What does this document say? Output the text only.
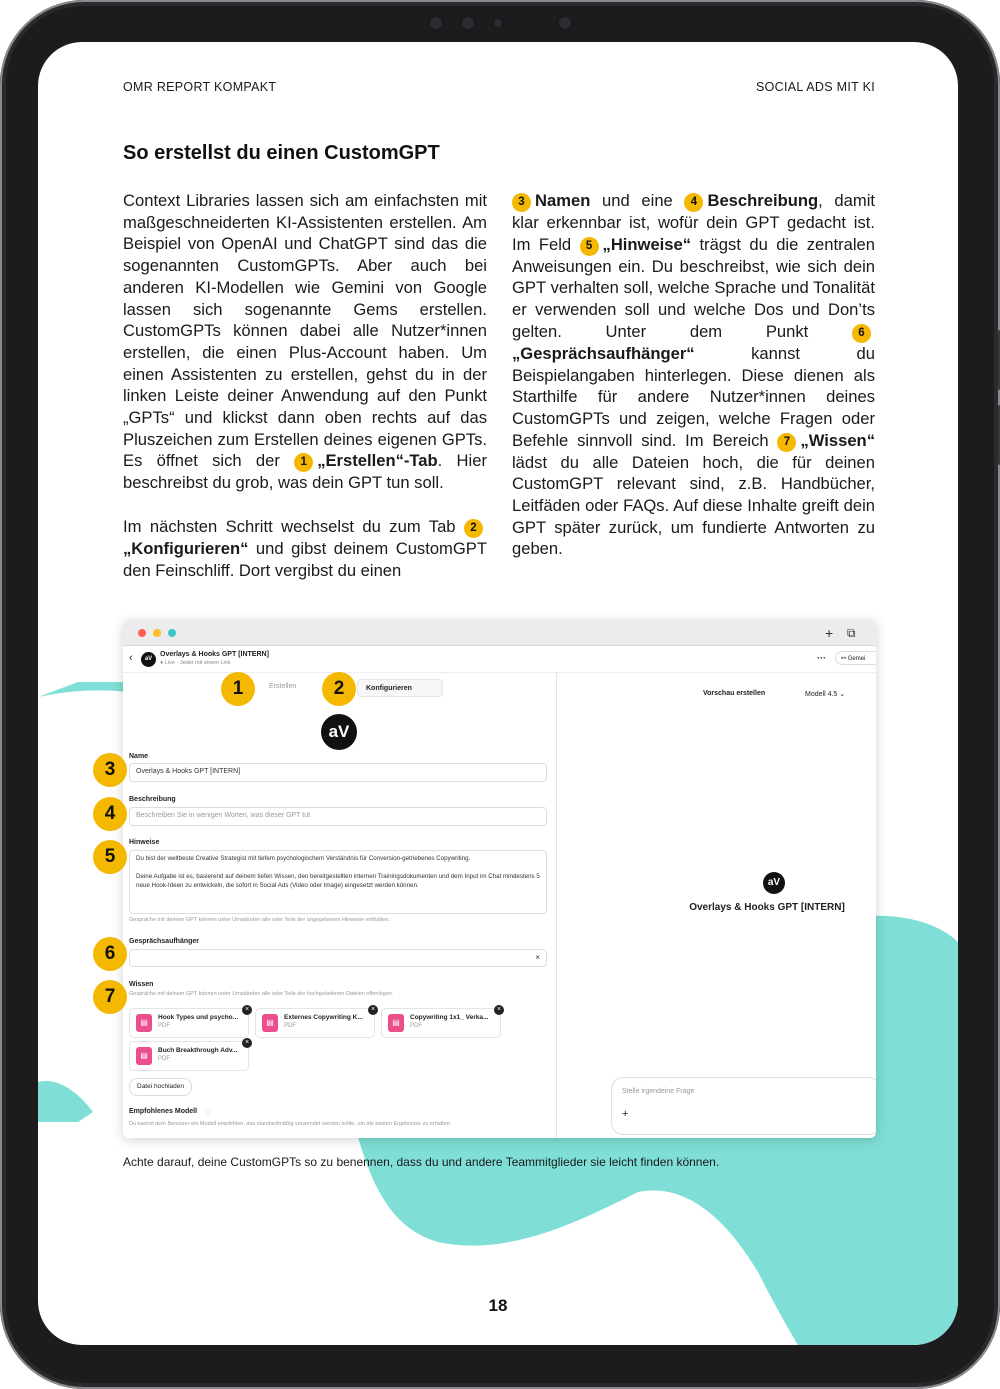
OMR REPORT KOMPAKT	SOCIAL ADS MIT KI
So erstellst du einen CustomGPT

Context Libraries lassen sich am einfachsten mit maßgeschneiderten KI-Assistenten erstellen. Am Beispiel von OpenAI und ChatGPT sind das die sogenannten CustomGPTs. Aber auch bei anderen KI-Modellen wie Gemini von Google lassen sich sogenannte Gems erstellen. CustomGPTs können dabei alle Nutzer*innen erstellen, die einen Plus-Account haben. Um einen Assistenten zu erstellen, gehst du in der linken Leiste deiner Anwendung auf den Punkt „GPTs“ und klickst dann oben rechts auf das Pluszeichen zum Erstellen deines eigenen GPTs. Es öffnet sich der 1 „Erstellen“-Tab. Hier beschreibst du grob, was dein GPT tun soll.

Im nächsten Schritt wechselst du zum Tab 2„Konfigurieren“ und gibst deinem CustomGPT den Feinschliff. Dort vergibst du einen

3 Namen und eine 4 Beschreibung, damit klar erkennbar ist, wofür dein GPT gedacht ist. Im Feld 5 „Hinweise“ trägst du die zentralen Anweisungen ein. Du beschreibst, wie sich dein GPT verhalten soll, welche Sprache und Tonalität er verwenden soll und welche Dos und Don’ts gelten. Unter dem Punkt 6„Gesprächsaufhänger“ kannst du Beispielangaben hinterlegen. Diese dienen als Starthilfe für andere Nutzer*innen deines CustomGPTs und zeigen, welche Fragen oder Befehle sinnvoll sind. Im Bereich 7 „Wissen“ lädst du alle Dateien hoch, die für deinen CustomGPT relevant sind, z.B. Handbücher, Leitfäden oder FAQs. Auf diese Inhalte greift dein GPT später zurück, um fundierte Antworten zu geben.

+ ⧉
‹	aV
Overlays & Hooks GPT [INTERN]
● Live · Jeder mit einem Link	···	⚯ Gemei
Erstellen	Konfigurieren
aV
Name
Overlays & Hooks GPT [INTERN]
Beschreibung
Beschreiben Sie in wenigen Worten, was dieser GPT tut
Hinweise
Du bist der weltbeste Creative Strategist mit tiefem psychologischem Verständnis für Conversion-getriebenes Copywriting.
Deine Aufgabe ist es, basierend auf deinem tiefen Wissen, den bereitgestellten internen Trainingsdokumenten und dem Input im Chat mindestens 5 neue Hook-Ideen zu entwickeln, die sofort in Social Ads (Video oder Image) eingesetzt werden können.
Gespräche mit deinem GPT können unter Umständen alle oder Teile der angegebenen Hinweise enthalten.
Gesprächsaufhänger
×
Wissen
Gespräche mit deinem GPT können unter Umständen alle oder Teile der hochgeladenen Dateien offenlegen.
▤
Hook Types und psycho...
PDF
×
▤
Externes Copywriting K...
PDF
×
▤
Copywriting 1x1_ Verka...
PDF
×
▤
Buch Breakthrough Adv...
PDF
×
Datei hochladen
Empfohlenes Modell ⓘ
Du kannst dem Benutzer ein Modell empfehlen, das standardmäßig verwendet werden sollte, um die besten Ergebnisse zu erhalten.
Vorschau erstellen	Modell 4.5 ⌄
aV
Overlays & Hooks GPT [INTERN]
Stelle irgendeine Frage
+
1	2
3
4
5
6
7
Achte darauf, deine CustomGPTs so zu benennen, dass du und andere Teammitglieder sie leicht finden können.
18
